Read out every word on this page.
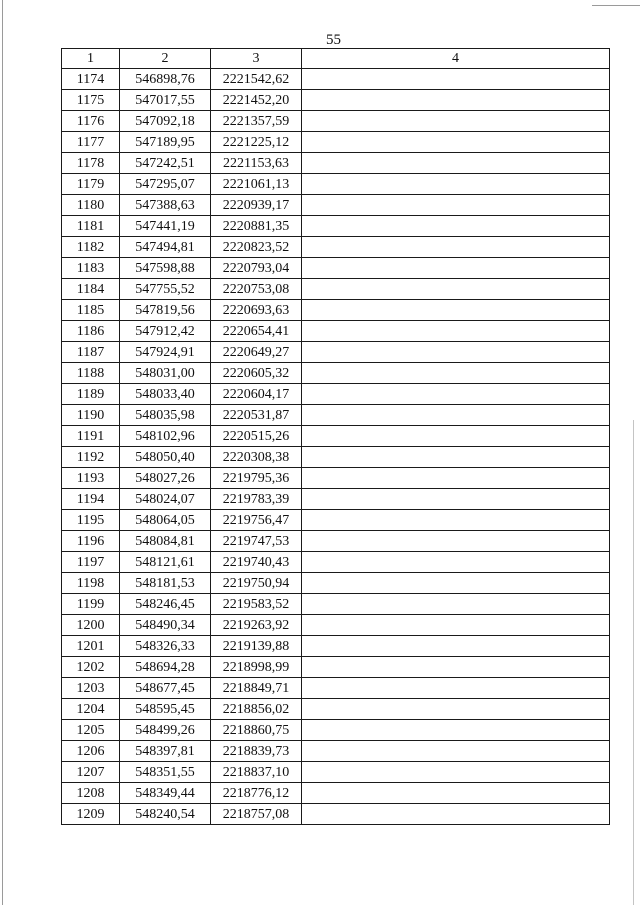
55
1	2	3	4
1174	546898,76	2221542,62	
1175	547017,55	2221452,20	
1176	547092,18	2221357,59	
1177	547189,95	2221225,12	
1178	547242,51	2221153,63	
1179	547295,07	2221061,13	
1180	547388,63	2220939,17	
1181	547441,19	2220881,35	
1182	547494,81	2220823,52	
1183	547598,88	2220793,04	
1184	547755,52	2220753,08	
1185	547819,56	2220693,63	
1186	547912,42	2220654,41	
1187	547924,91	2220649,27	
1188	548031,00	2220605,32	
1189	548033,40	2220604,17	
1190	548035,98	2220531,87	
1191	548102,96	2220515,26	
1192	548050,40	2220308,38	
1193	548027,26	2219795,36	
1194	548024,07	2219783,39	
1195	548064,05	2219756,47	
1196	548084,81	2219747,53	
1197	548121,61	2219740,43	
1198	548181,53	2219750,94	
1199	548246,45	2219583,52	
1200	548490,34	2219263,92	
1201	548326,33	2219139,88	
1202	548694,28	2218998,99	
1203	548677,45	2218849,71	
1204	548595,45	2218856,02	
1205	548499,26	2218860,75	
1206	548397,81	2218839,73	
1207	548351,55	2218837,10	
1208	548349,44	2218776,12	
1209	548240,54	2218757,08	
